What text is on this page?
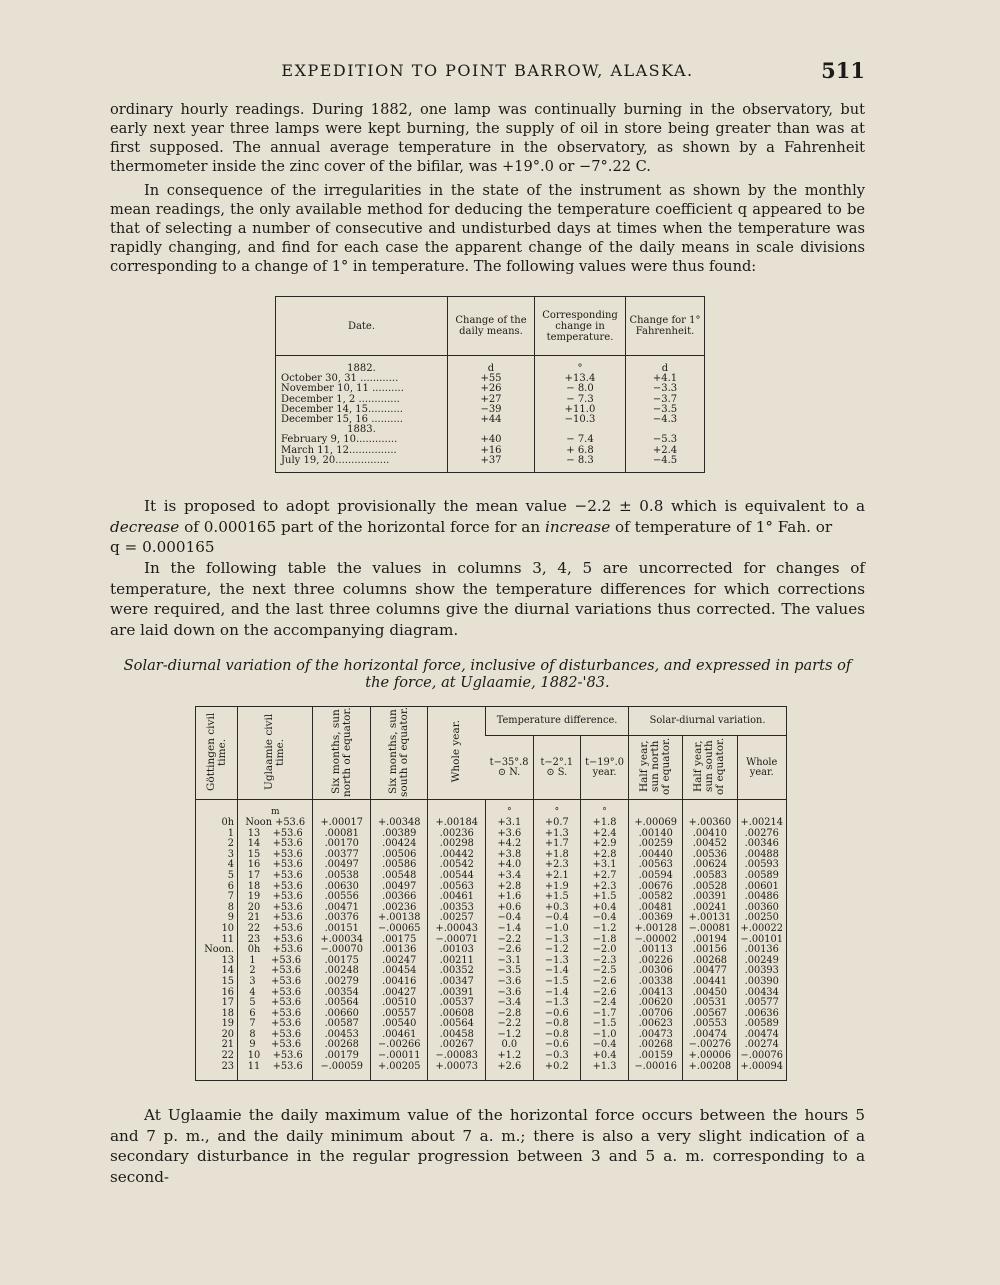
EXPEDITION TO POINT BARROW, ALASKA.	511

ordinary hourly readings. During 1882, one lamp was continually burning in the observatory, but early next year three lamps were kept burning, the supply of oil in store being greater than was at first supposed. The annual average temperature in the observatory, as shown by a Fahrenheit thermometer inside the zinc cover of the bifilar, was +19°.0 or −7°.22 C.

In consequence of the irregularities in the state of the instrument as shown by the monthly mean readings, the only available method for deducing the temperature coefficient q appeared to be that of selecting a number of consecutive and undisturbed days at times when the temperature was rapidly changing, and find for each case the apparent change of the daily means in scale divisions corresponding to a change of 1° in temperature. The following values were thus found:

Date.	Change of the daily means.	Corresponding change in temperature.	Change for 1° Fahrenheit.

1882.	d	°	d
October 30, 31 ............	+55	+13.4	+4.1
November 10, 11 ..........	+26	− 8.0	−3.3
December 1, 2 .............	+27	− 7.3	−3.7
December 14, 15...........	−39	+11.0	−3.5
December 15, 16 ..........	+44	−10.3	−4.3
1883.			
February 9, 10.............	+40	− 7.4	−5.3
March 11, 12...............	+16	+ 6.8	+2.4
July 19, 20.................	+37	− 8.3	−4.5

It is proposed to adopt provisionally the mean value −2.2 ± 0.8 which is equivalent to a decrease of 0.000165 part of the horizontal force for an increase of temperature of 1° Fah. or
q = 0.000165

In the following table the values in columns 3, 4, 5 are uncorrected for changes of temperature, the next three columns show the temperature differences for which corrections were required, and the last three columns give the diurnal variations thus corrected. The values are laid down on the accompanying diagram.

Solar-diurnal variation of the horizontal force, inclusive of disturbances, and expressed in parts of the force, at Uglaamie, 1882-'83.
Göttingen civil time.	Uglaamie civil time.	Six months, sun north of equator.	Six months, sun south of equator.	Whole year.	Temperature difference.			Solar-diurnal variation.		
					t−35°.8 ⊙ N.	t−2°.1 ⊙ S.	t−19°.0 year.	Half year, sun north of equator.	Half year, sun south of equator.	Whole year.
	m				°	°	°			
0h	Noon +53.6	+.00017	+.00348	+.00184	+3.1	+0.7	+1.8	+.00069	+.00360	+.00214
1	13    +53.6	.00081	.00389	.00236	+3.6	+1.3	+2.4	.00140	.00410	.00276
2	14    +53.6	.00170	.00424	.00298	+4.2	+1.7	+2.9	.00259	.00452	.00346
3	15    +53.6	.00377	.00506	.00442	+3.8	+1.8	+2.8	.00440	.00536	.00488
4	16    +53.6	.00497	.00586	.00542	+4.0	+2.3	+3.1	.00563	.00624	.00593
5	17    +53.6	.00538	.00548	.00544	+3.4	+2.1	+2.7	.00594	.00583	.00589
6	18    +53.6	.00630	.00497	.00563	+2.8	+1.9	+2.3	.00676	.00528	.00601
7	19    +53.6	.00556	.00366	.00461	+1.6	+1.5	+1.5	.00582	.00391	.00486
8	20    +53.6	.00471	.00236	.00353	+0.6	+0.3	+0.4	.00481	.00241	.00360
9	21    +53.6	.00376	+.00138	.00257	−0.4	−0.4	−0.4	.00369	+.00131	.00250
10	22    +53.6	.00151	−.00065	+.00043	−1.4	−1.0	−1.2	+.00128	−.00081	+.00022
11	23    +53.6	+.00034	.00175	−.00071	−2.2	−1.3	−1.8	−.00002	.00194	−.00101
Noon.	0h    +53.6	−.00070	.00136	.00103	−2.6	−1.2	−2.0	.00113	.00156	.00136
13	1     +53.6	.00175	.00247	.00211	−3.1	−1.3	−2.3	.00226	.00268	.00249
14	2     +53.6	.00248	.00454	.00352	−3.5	−1.4	−2.5	.00306	.00477	.00393
15	3     +53.6	.00279	.00416	.00347	−3.6	−1.5	−2.6	.00338	.00441	.00390
16	4     +53.6	.00354	.00427	.00391	−3.6	−1.4	−2.6	.00413	.00450	.00434
17	5     +53.6	.00564	.00510	.00537	−3.4	−1.3	−2.4	.00620	.00531	.00577
18	6     +53.6	.00660	.00557	.00608	−2.8	−0.6	−1.7	.00706	.00567	.00636
19	7     +53.6	.00587	.00540	.00564	−2.2	−0.8	−1.5	.00623	.00553	.00589
20	8     +53.6	.00453	.00461	.00458	−1.2	−0.8	−1.0	.00473	.00474	.00474
21	9     +53.6	.00268	−.00266	.00267	0.0	−0.6	−0.4	.00268	−.00276	.00274
22	10    +53.6	.00179	−.00011	−.00083	+1.2	−0.3	+0.4	.00159	+.00006	−.00076
23	11    +53.6	−.00059	+.00205	+.00073	+2.6	+0.2	+1.3	−.00016	+.00208	+.00094

At Uglaamie the daily maximum value of the horizontal force occurs between the hours 5 and 7 p. m., and the daily minimum about 7 a. m.; there is also a very slight indication of a secondary disturbance in the regular progression between 3 and 5 a. m. corresponding to a second-
